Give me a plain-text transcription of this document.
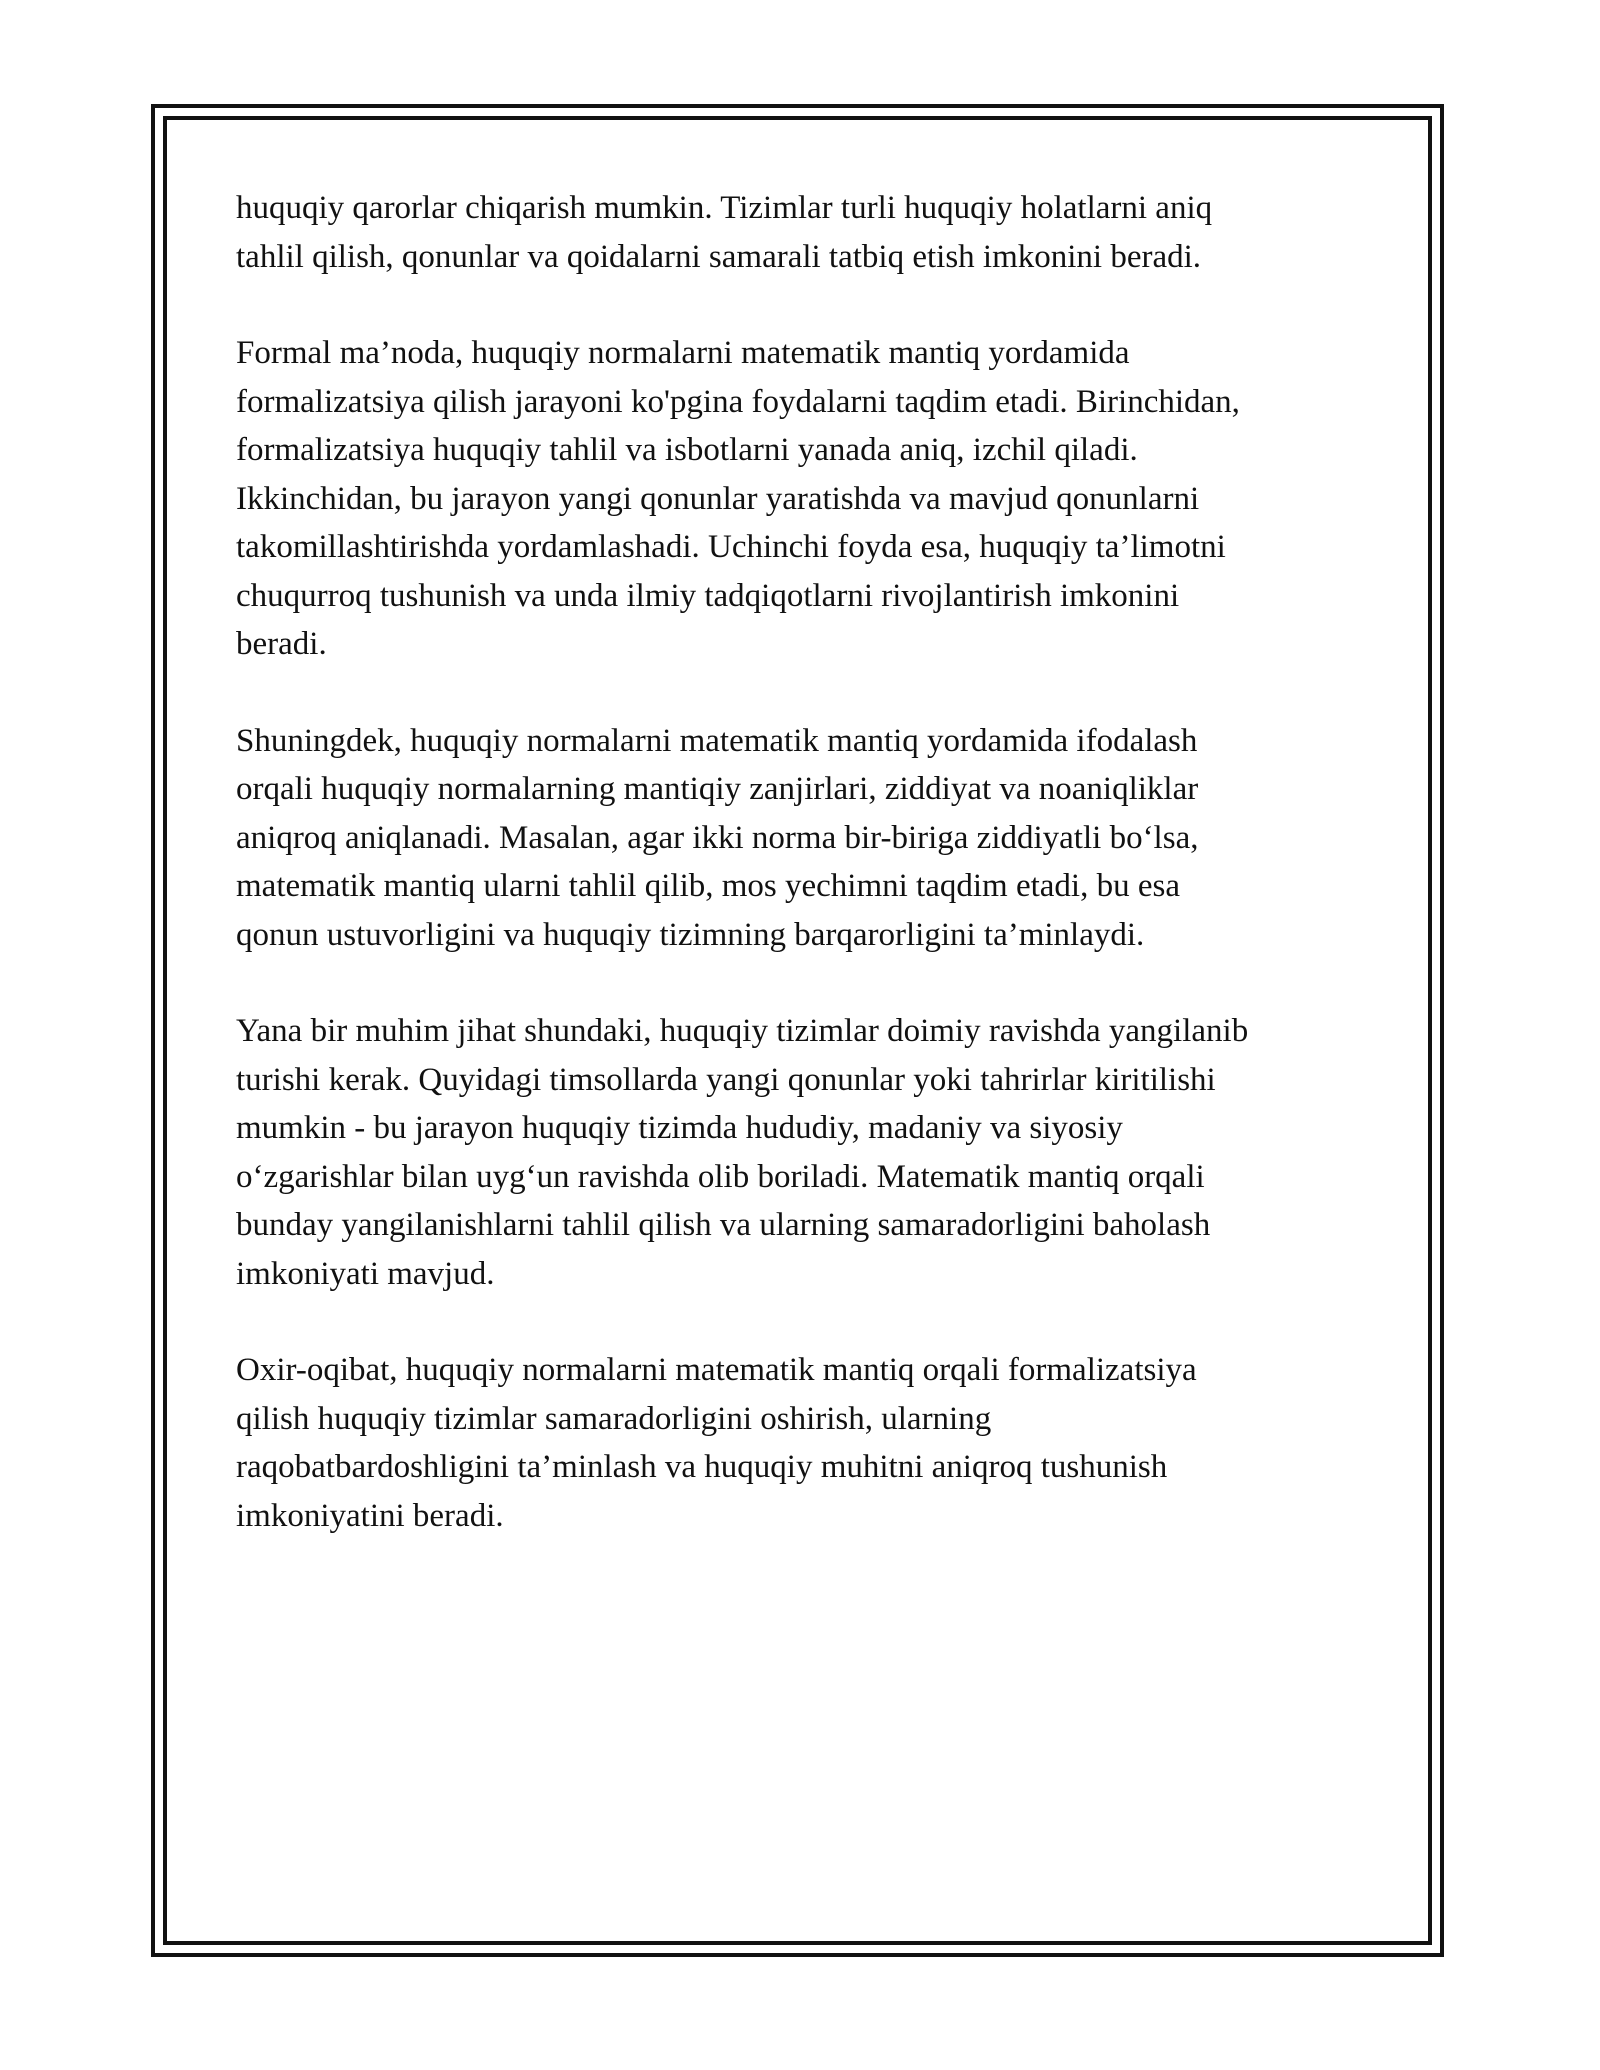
huquqiy qarorlar chiqarish mumkin. Tizimlar turli huquqiy holatlarni aniq
tahlil qilish, qonunlar va qoidalarni samarali tatbiq etish imkonini beradi.

Formal ma’noda, huquqiy normalarni matematik mantiq yordamida
formalizatsiya qilish jarayoni ko'pgina foydalarni taqdim etadi. Birinchidan,
formalizatsiya huquqiy tahlil va isbotlarni yanada aniq, izchil qiladi.
Ikkinchidan, bu jarayon yangi qonunlar yaratishda va mavjud qonunlarni
takomillashtirishda yordamlashadi. Uchinchi foyda esa, huquqiy ta’limotni
chuqurroq tushunish va unda ilmiy tadqiqotlarni rivojlantirish imkonini
beradi.

Shuningdek, huquqiy normalarni matematik mantiq yordamida ifodalash
orqali huquqiy normalarning mantiqiy zanjirlari, ziddiyat va noaniqliklar
aniqroq aniqlanadi. Masalan, agar ikki norma bir-biriga ziddiyatli bo‘lsa,
matematik mantiq ularni tahlil qilib, mos yechimni taqdim etadi, bu esa
qonun ustuvorligini va huquqiy tizimning barqarorligini ta’minlaydi.

Yana bir muhim jihat shundaki, huquqiy tizimlar doimiy ravishda yangilanib
turishi kerak. Quyidagi timsollarda yangi qonunlar yoki tahrirlar kiritilishi
mumkin - bu jarayon huquqiy tizimda hududiy, madaniy va siyosiy
o‘zgarishlar bilan uyg‘un ravishda olib boriladi. Matematik mantiq orqali
bunday yangilanishlarni tahlil qilish va ularning samaradorligini baholash
imkoniyati mavjud.

Oxir-oqibat, huquqiy normalarni matematik mantiq orqali formalizatsiya
qilish huquqiy tizimlar samaradorligini oshirish, ularning
raqobatbardoshligini ta’minlash va huquqiy muhitni aniqroq tushunish
imkoniyatini beradi.
